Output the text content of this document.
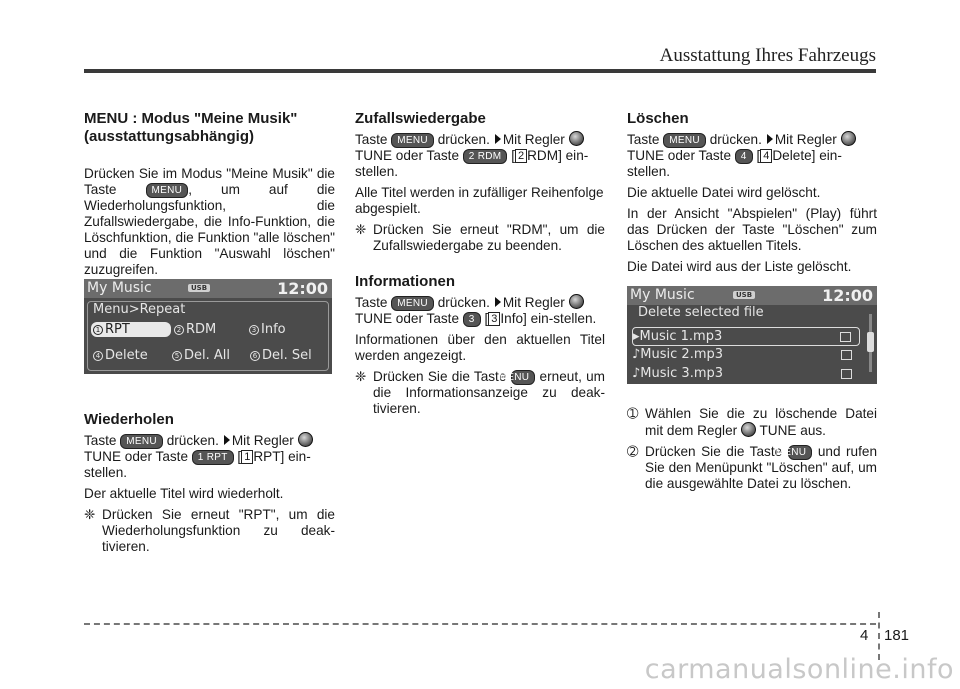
Ausstattung Ihres Fahrzeugs
MENU : Modus "Meine Musik"
(ausstattungsabhängig)

Drücken Sie im Modus "Meine Musik" die Taste	MENU , um auf die Wiederholungsfunktion, die Zufallswiedergabe, die Info-Funktion, die Löschfunktion, die Funktion "alle löschen" und die Funktion "Auswahl löschen" zuzugreifen.

Wiederholen

Taste MENU drücken. Mit Regler  TUNE oder Taste 1 RPT [ 1 RPT] ein-stellen.

Der aktuelle Titel wird wiederholt.

❈ Drücken Sie erneut "RPT", um die Wiederholungsfunktion zu deak-tivieren.

My Music	USB	12:00
Menu>Repeat
1 RPT	2 RDM	3 Info
4 Delete	5 Del. All	6 Del. Sel
Zufallswiedergabe

Taste MENU drücken. Mit Regler  TUNE oder Taste 2 RDM [ 2 RDM] ein-stellen.

Alle Titel werden in zufälliger Reihenfolge abgespielt.

❈ Drücken Sie erneut "RDM", um die Zufallswiedergabe zu beenden.

Informationen

Taste MENU drücken. Mit Regler  TUNE oder Taste 3 [ 3 Info] ein-stellen.

Informationen über den aktuellen Titel werden angezeigt.

❈ Drücken Sie die Taste MENU erneut, um die Informationsanzeige zu deak-tivieren.

Löschen

Taste MENU drücken. Mit Regler  TUNE oder Taste 4 [ 4 Delete] ein-stellen.

Die aktuelle Datei wird gelöscht.

In der Ansicht "Abspielen" (Play) führt das Drücken der Taste "Löschen" zum Löschen des aktuellen Titels.

Die Datei wird aus der Liste gelöscht.

➀ Wählen Sie die zu löschende Datei mit dem Regler TUNE aus.

➁ Drücken Sie die Taste MENU und rufen Sie den Menüpunkt "Löschen" auf, um die ausgewählte Datei zu löschen.

My Music	USB	12:00
Delete selected file
▸Music 1.mp3
♪Music 2.mp3
♪Music 3.mp3
4 181
carmanualsonline.info
